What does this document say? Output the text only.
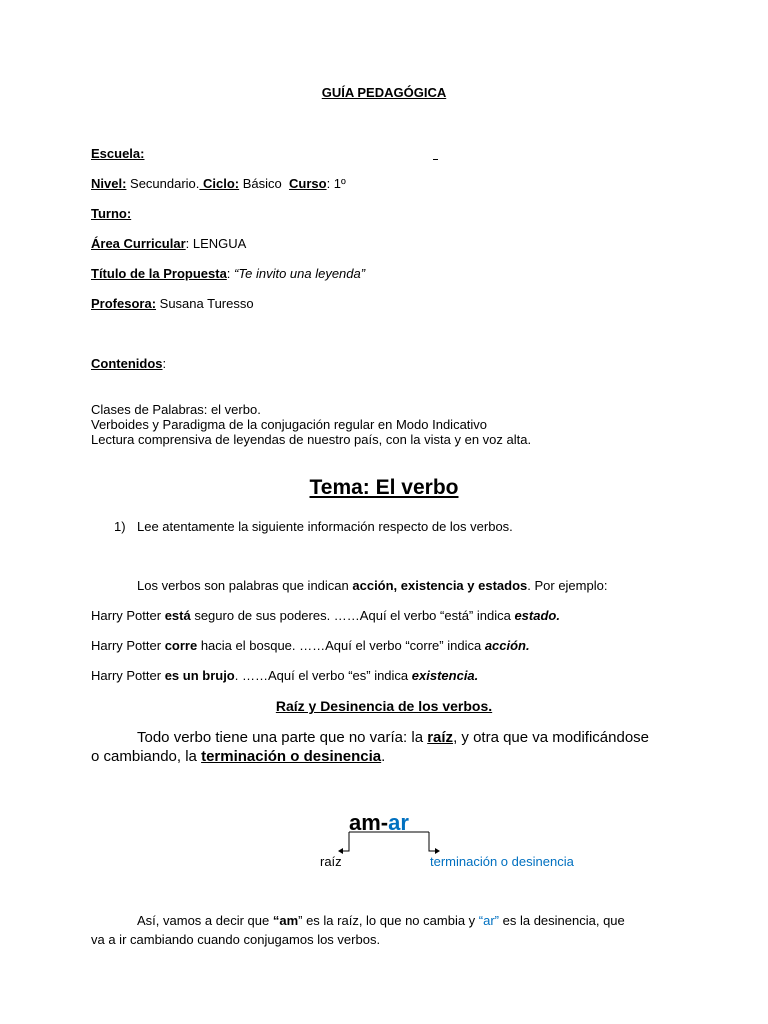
GUÍA PEDAGÓGICA
Escuela:
Nivel: Secundario. Ciclo: Básico  Curso: 1º
Turno:
Área Curricular: LENGUA
Título de la Propuesta: “Te invito una leyenda”
Profesora: Susana Turesso
Contenidos:
Clases de Palabras: el verbo.
Verboides y Paradigma de la conjugación regular en Modo Indicativo
Lectura comprensiva de leyendas de nuestro país, con la vista y en voz alta.
Tema: El verbo
1) Lee atentamente la siguiente información respecto de los verbos.
Los verbos son palabras que indican acción, existencia y estados. Por ejemplo:
Harry Potter está seguro de sus poderes. ……Aquí el verbo “está” indica estado.
Harry Potter corre hacia el bosque. ……Aquí el verbo “corre” indica acción.
Harry Potter es un brujo. ……Aquí el verbo “es” indica existencia.
Raíz y Desinencia de los verbos.
Todo verbo tiene una parte que no varía: la raíz, y otra que va modificándose
o cambiando, la terminación o desinencia.
am-ar
raíz	terminación o desinencia
Así, vamos a decir que “am” es la raíz, lo que no cambia y “ar” es la desinencia, que
va a ir cambiando cuando conjugamos los verbos.
